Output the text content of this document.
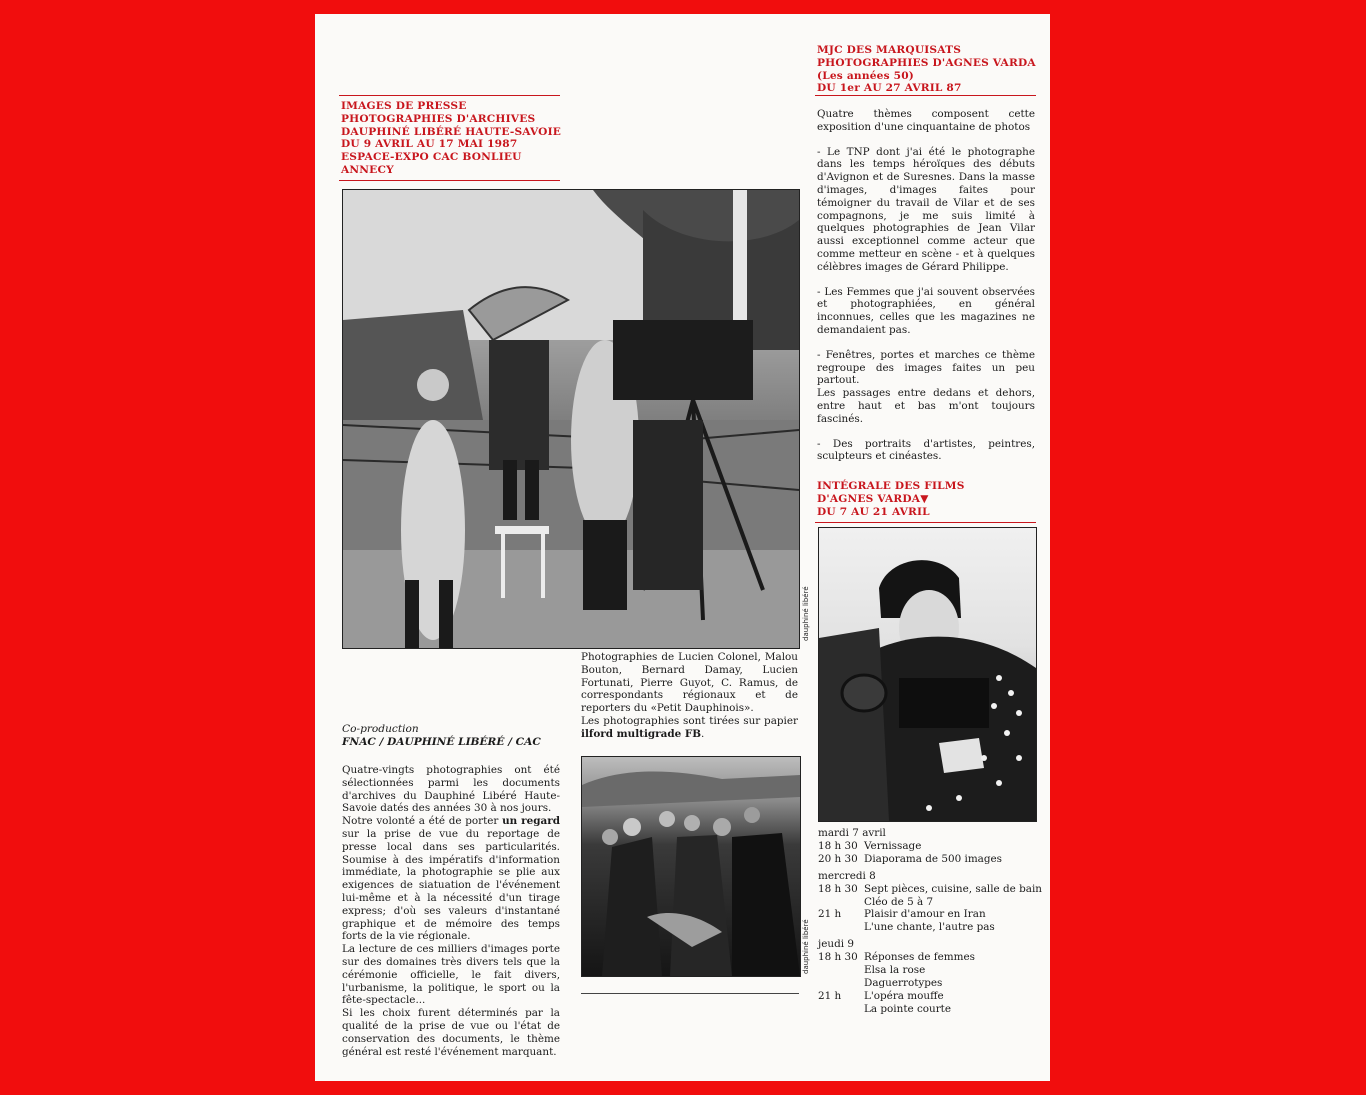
IMAGES DE PRESSE
PHOTOGRAPHIES D'ARCHIVES
DAUPHINÉ LIBÉRÉ HAUTE-SAVOIE
DU 9 AVRIL AU 17 MAI 1987
ESPACE-EXPO CAC BONLIEU
ANNECY
MJC DES MARQUISATS
PHOTOGRAPHIES D'AGNES VARDA
(Les années 50)
DU 1er AU 27 AVRIL 87
dauphiné libéré

Photographies de Lucien Colonel, Malou Bouton, Bernard Damay, Lucien Fortunati, Pierre Guyot, C. Ramus, de correspondants régionaux et de reporters du «Petit Dauphinois».

Les photographies sont tirées sur papier ilford multigrade FB.

Co-production
FNAC / DAUPHINÉ LIBÉRÉ / CAC

Quatre-vingts photographies ont été sélectionnées parmi les documents d'archives du Dauphiné Libéré Haute-Savoie datés des années 30 à nos jours.

Notre volonté a été de porter un regard sur la prise de vue du reportage de presse local dans ses particularités. Soumise à des impératifs d'information immédiate, la photographie se plie aux exigences de siatuation de l'événement lui-même et à la nécessité d'un tirage express; d'où ses valeurs d'instantané graphique et de mémoire des temps forts de la vie régionale.

La lecture de ces milliers d'images porte sur des domaines très divers tels que la cérémonie officielle, le fait divers, l'urbanisme, la politique, le sport ou la fête-spectacle...

Si les choix furent déterminés par la qualité de la prise de vue ou l'état de conservation des documents, le thème général est resté l'événement marquant.

dauphiné libéré

Quatre thèmes composent cette exposition d'une cinquantaine de photos

- Le TNP dont j'ai été le photographe dans les temps héroïques des débuts d'Avignon et de Suresnes. Dans la masse d'images, d'images faites pour témoigner du travail de Vilar et de ses compagnons, je me suis limité à quelques photographies de Jean Vilar aussi exceptionnel comme acteur que comme metteur en scène - et à quelques célèbres images de Gérard Philippe.

- Les Femmes que j'ai souvent observées et photographiées, en général inconnues, celles que les magazines ne demandaient pas.

- Fenêtres, portes et marches ce thème regroupe des images faites un peu partout.

Les passages entre dedans et dehors, entre haut et bas m'ont toujours fascinés.

- Des portraits d'artistes, peintres, sculpteurs et cinéastes.

INTÉGRALE DES FILMS
D'AGNES VARDA▼
DU 7 AU 21 AVRIL
mardi 7 avril
18 h 30 Vernissage
20 h 30 Diaporama de 500 images
mercredi 8
18 h 30 Sept pièces, cuisine, salle de bain
Cléo de 5 à 7
21 h	Plaisir d'amour en Iran
L'une chante, l'autre pas
jeudi 9
18 h 30 Réponses de femmes
Elsa la rose
Daguerrotypes
21 h	L'opéra mouffe
La pointe courte
